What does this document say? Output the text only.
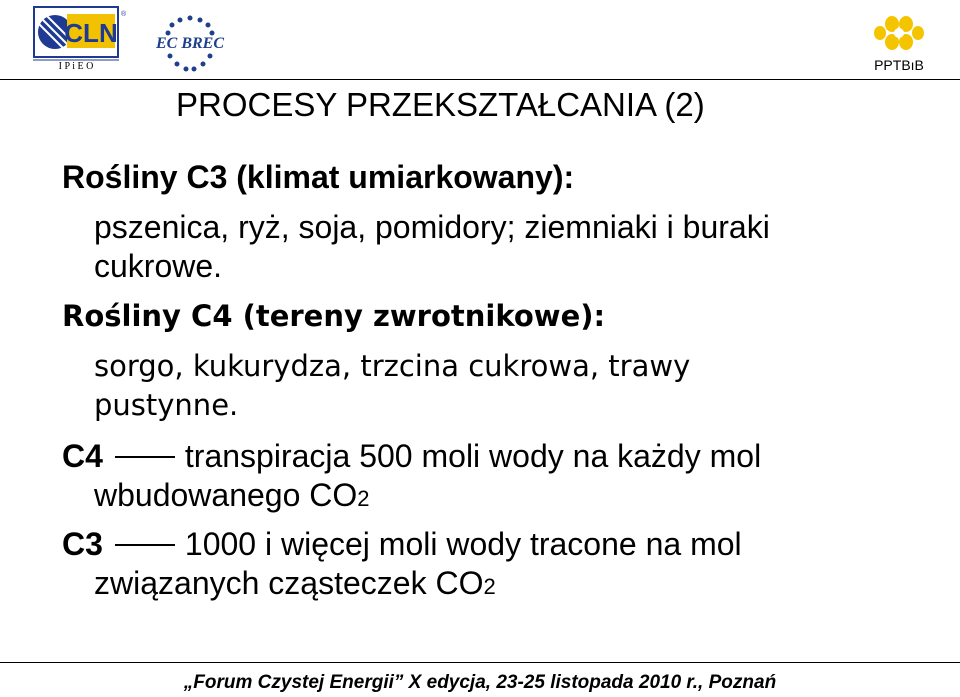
CLN
®
I P i E O
EC BREC
PPTBıB
PROCESY PRZEKSZTAŁCANIA (2)
Rośliny C3 (klimat umiarkowany):
pszenica, ryż, soja, pomidory; ziemniaki i buraki
cukrowe.
Rośliny C4 (tereny zwrotnikowe):
sorgo, kukurydza, trzcina cukrowa, trawy
pustynne.
C4	transpiracja 500 moli wody na każdy mol
wbudowanego CO2
C3	1000 i więcej moli wody tracone na mol
związanych cząsteczek CO2
„Forum Czystej Energii” X edycja, 23-25 listopada 2010 r., Poznań
